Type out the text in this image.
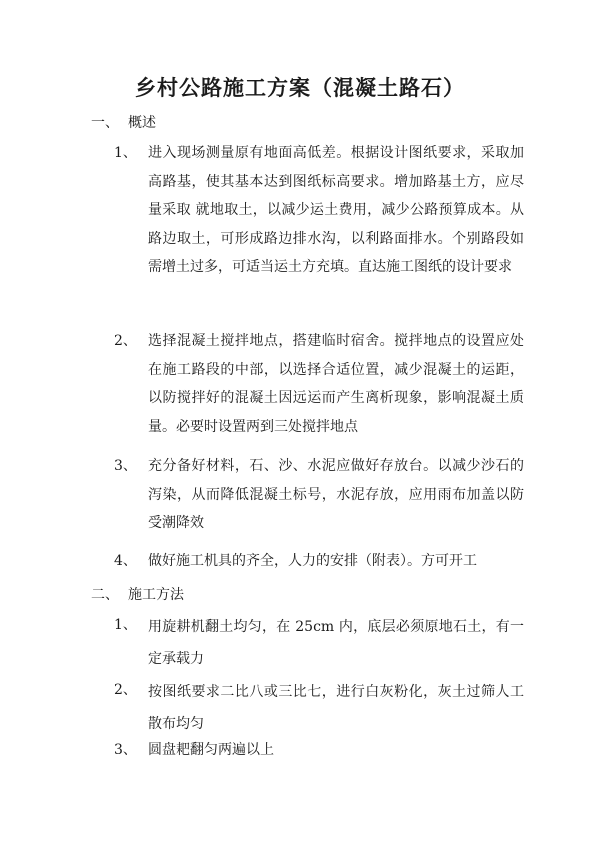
乡村公路施工方案（混凝土路石）
一、 概述
1、 进入现场测量原有地面高低差。根据设计图纸要求，采取加高路基，使其基本达到图纸标高要求。增加路基土方，应尽量采取 就地取土，以减少运土费用，减少公路预算成本。从路边取土，可形成路边排水沟，以利路面排水。个别路段如需增土过多，可适当运土方充填。直达施工图纸的设计要求
2、 选择混凝土搅拌地点，搭建临时宿舍。搅拌地点的设置应处在施工路段的中部，以选择合适位置，减少混凝土的运距，以防搅拌好的混凝土因远运而产生离析现象，影响混凝土质量。必要时设置两到三处搅拌地点
3、 充分备好材料，石、沙、水泥应做好存放台。以减少沙石的泻染，从而降低混凝土标号，水泥存放，应用雨布加盖以防受潮降效
4、 做好施工机具的齐全，人力的安排（附表）。方可开工
二、 施工方法
1、 用旋耕机翻土均匀，在 25cm 内，底层必须原地石土，有一定承载力
2、 按图纸要求二比八或三比七，进行白灰粉化，灰土过筛人工散布均匀
3、 圆盘耙翻匀两遍以上
